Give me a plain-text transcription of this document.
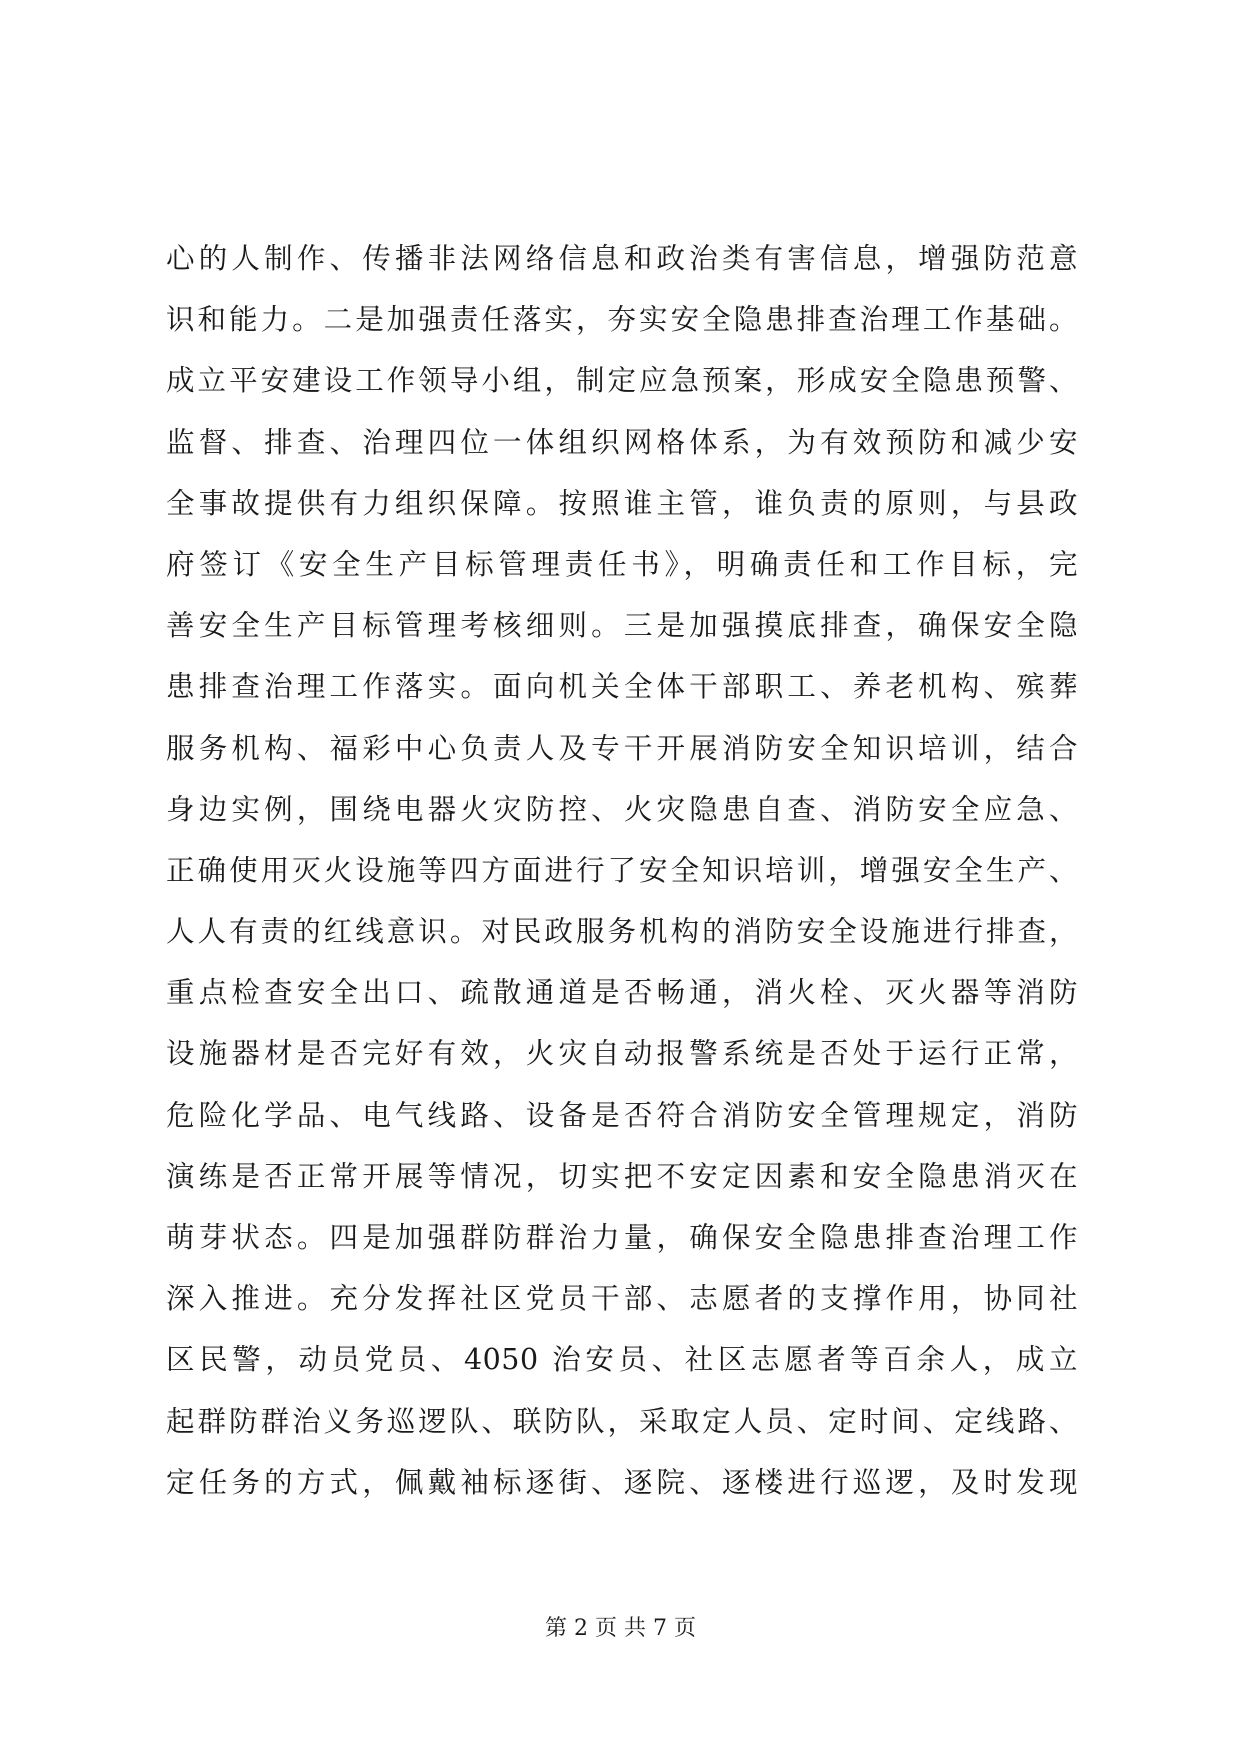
心的人制作、传播非法网络信息和政治类有害信息，增强防范意
识和能力。二是加强责任落实，夯实安全隐患排查治理工作基础。
成立平安建设工作领导小组，制定应急预案，形成安全隐患预警、
监督、排查、治理四位一体组织网格体系，为有效预防和减少安
全事故提供有力组织保障。按照谁主管，谁负责的原则，与县政
府签订《安全生产目标管理责任书》，明确责任和工作目标，完
善安全生产目标管理考核细则。三是加强摸底排查，确保安全隐
患排查治理工作落实。面向机关全体干部职工、养老机构、殡葬
服务机构、福彩中心负责人及专干开展消防安全知识培训，结合
身边实例，围绕电器火灾防控、火灾隐患自查、消防安全应急、
正确使用灭火设施等四方面进行了安全知识培训，增强安全生产、
人人有责的红线意识。对民政服务机构的消防安全设施进行排查，
重点检查安全出口、疏散通道是否畅通，消火栓、灭火器等消防
设施器材是否完好有效，火灾自动报警系统是否处于运行正常，
危险化学品、电气线路、设备是否符合消防安全管理规定，消防
演练是否正常开展等情况，切实把不安定因素和安全隐患消灭在
萌芽状态。四是加强群防群治力量，确保安全隐患排查治理工作
深入推进。充分发挥社区党员干部、志愿者的支撑作用，协同社
区民警，动员党员、4050 治安员、社区志愿者等百余人，成立
起群防群治义务巡逻队、联防队，采取定人员、定时间、定线路、
定任务的方式，佩戴袖标逐街、逐院、逐楼进行巡逻，及时发现
第 2 页 共 7 页
